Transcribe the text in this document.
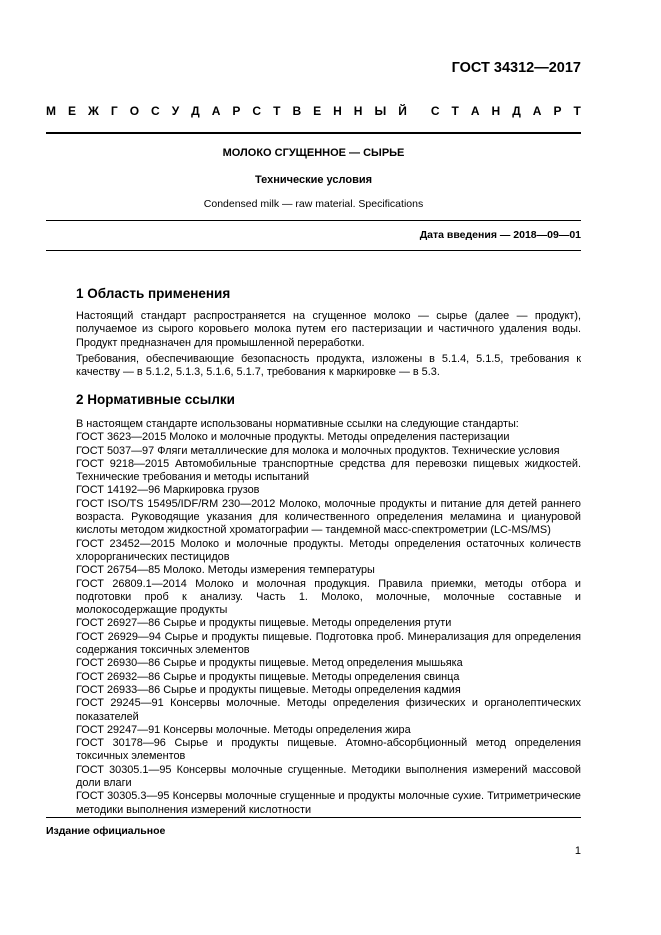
ГОСТ 34312—2017
М Е Ж Г О С У Д А Р С Т В Е Н Н Ы Й С Т А Н Д А Р Т
МОЛОКО СГУЩЕННОЕ — СЫРЬЕ
Технические условия
Condensed milk — raw material. Specifications
Дата введения — 2018—09—01
1 Область применения

Настоящий стандарт распространяется на сгущенное молоко — сырье (далее — продукт), получаемое из сырого коровьего молока путем его пастеризации и частичного удаления воды. Продукт предназначен для промышленной переработки.

Требования, обеспечивающие безопасность продукта, изложены в 5.1.4, 5.1.5, требования к качеству — в 5.1.2, 5.1.3, 5.1.6, 5.1.7, требования к маркировке — в 5.3.

2 Нормативные ссылки

В настоящем стандарте использованы нормативные ссылки на следующие стандарты:

ГОСТ 3623—2015 Молоко и молочные продукты. Методы определения пастеризации

ГОСТ 5037—97 Фляги металлические для молока и молочных продуктов. Технические условия

ГОСТ 9218—2015 Автомобильные транспортные средства для перевозки пищевых жидкостей. Технические требования и методы испытаний

ГОСТ 14192—96 Маркировка грузов

ГОСТ ISO/TS 15495/IDF/RM 230—2012 Молоко, молочные продукты и питание для детей раннего возраста. Руководящие указания для количественного определения меламина и циануровой кислоты методом жидкостной хроматографии — тандемной масс-спектрометрии (LC-MS/MS)

ГОСТ 23452—2015 Молоко и молочные продукты. Методы определения остаточных количеств хлорорганических пестицидов

ГОСТ 26754—85 Молоко. Методы измерения температуры

ГОСТ 26809.1—2014 Молоко и молочная продукция. Правила приемки, методы отбора и подготовки проб к анализу. Часть 1. Молоко, молочные, молочные составные и молокосодержащие продукты

ГОСТ 26927—86 Сырье и продукты пищевые. Методы определения ртути

ГОСТ 26929—94 Сырье и продукты пищевые. Подготовка проб. Минерализация для определения содержания токсичных элементов

ГОСТ 26930—86 Сырье и продукты пищевые. Метод определения мышьяка

ГОСТ 26932—86 Сырье и продукты пищевые. Методы определения свинца

ГОСТ 26933—86 Сырье и продукты пищевые. Методы определения кадмия

ГОСТ 29245—91 Консервы молочные. Методы определения физических и органолептических показателей

ГОСТ 29247—91 Консервы молочные. Методы определения жира

ГОСТ 30178—96 Сырье и продукты пищевые. Атомно-абсорбционный метод определения токсичных элементов

ГОСТ 30305.1—95 Консервы молочные сгущенные. Методики выполнения измерений массовой доли влаги

ГОСТ 30305.3—95 Консервы молочные сгущенные и продукты молочные сухие. Титриметрические методики выполнения измерений кислотности

Издание официальное
1
